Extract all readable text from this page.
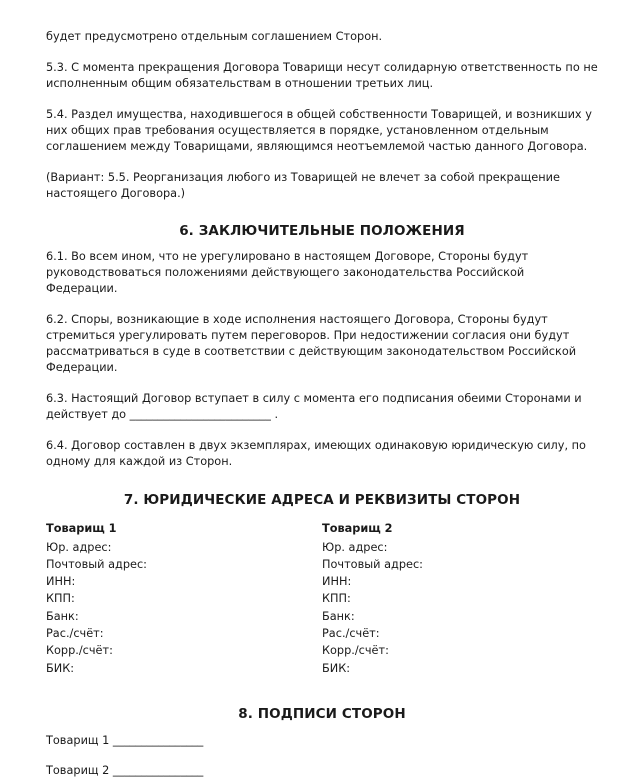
будет предусмотрено отдельным соглашением Сторон.

5.3. С момента прекращения Договора Товарищи несут солидарную ответственность по не исполненным общим обязательствам в отношении третьих лиц.

5.4. Раздел имущества, находившегося в общей собственности Товарищей, и возникших у них общих прав требования осуществляется в порядке, установленном отдельным соглашением между Товарищами, являющимся неотъемлемой частью данного Договора.

(Вариант: 5.5. Реорганизация любого из Товарищей не влечет за собой прекращение настоящего Договора.)

6. ЗАКЛЮЧИТЕЛЬНЫЕ ПОЛОЖЕНИЯ

6.1. Во всем ином, что не урегулировано в настоящем Договоре, Стороны будут руководствоваться положениями действующего законодательства Российской Федерации.

6.2. Споры, возникающие в ходе исполнения настоящего Договора, Стороны будут стремиться урегулировать путем переговоров. При недостижении согласия они будут рассматриваться в суде в соответствии с действующим законодательством Российской Федерации.

6.3. Настоящий Договор вступает в силу с момента его подписания обеими Сторонами и действует до _________________________ .

6.4. Договор составлен в двух экземплярах, имеющих одинаковую юридическую силу, по одному для каждой из Сторон.

7. ЮРИДИЧЕСКИЕ АДРЕСА И РЕКВИЗИТЫ СТОРОН
Товарищ 1
Юр. адрес:
Почтовый адрес:
ИНН:
КПП:
Банк:
Рас./счёт:
Корр./счёт:
БИК:
Товарищ 2
Юр. адрес:
Почтовый адрес:
ИНН:
КПП:
Банк:
Рас./счёт:
Корр./счёт:
БИК:
8. ПОДПИСИ СТОРОН
Товарищ 1 ________________
Товарищ 2 ________________
